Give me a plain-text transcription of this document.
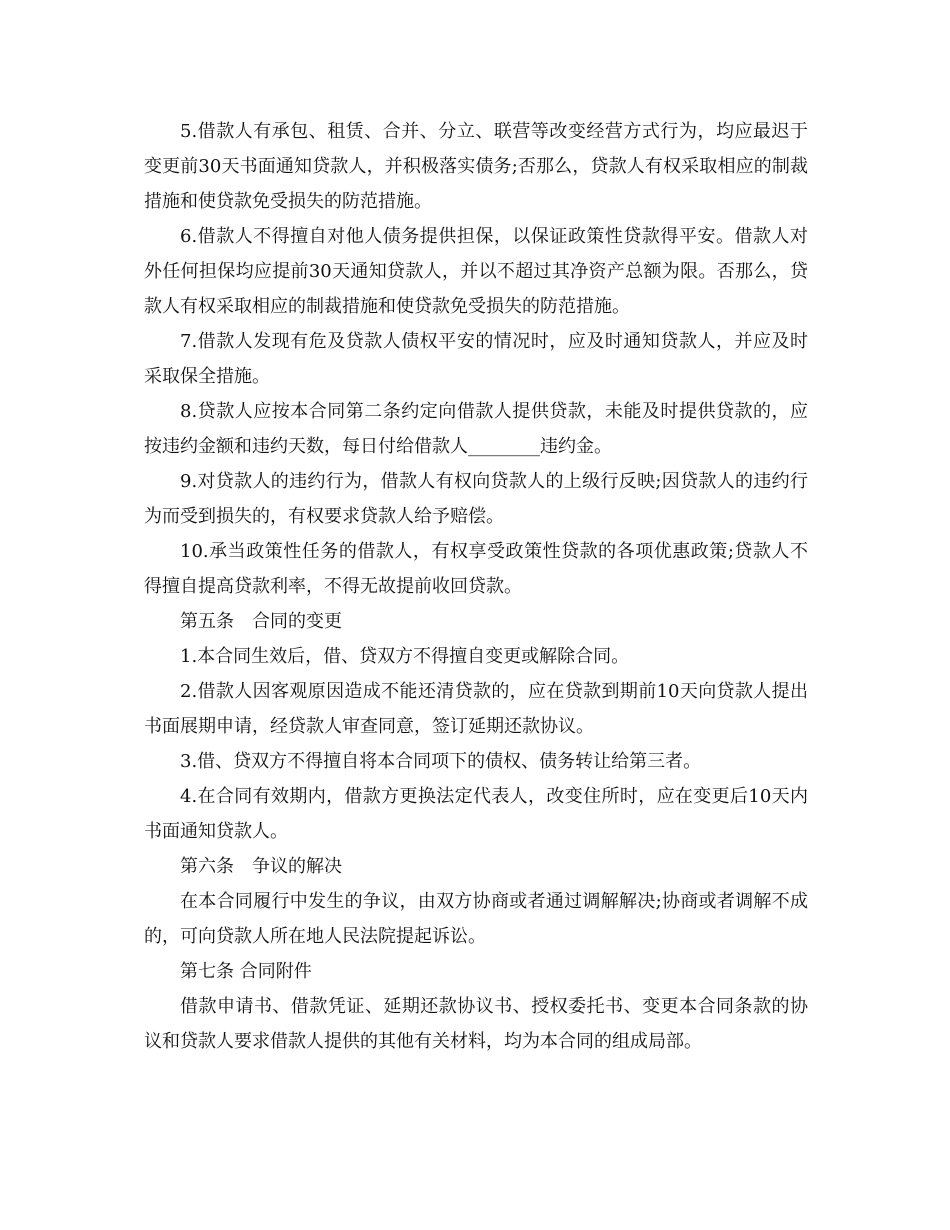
5.借款人有承包、租赁、合并、分立、联营等改变经营方式行为，均应最迟于变更前30天书面通知贷款人，并积极落实债务;否那么，贷款人有权采取相应的制裁措施和使贷款免受损失的防范措施。

6.借款人不得擅自对他人债务提供担保，以保证政策性贷款得平安。借款人对外任何担保均应提前30天通知贷款人，并以不超过其净资产总额为限。否那么，贷款人有权采取相应的制裁措施和使贷款免受损失的防范措施。

7.借款人发现有危及贷款人债权平安的情况时，应及时通知贷款人，并应及时采取保全措施。

8.贷款人应按本合同第二条约定向借款人提供贷款，未能及时提供贷款的，应按违约金额和违约天数，每日付给借款人________违约金。

9.对贷款人的违约行为，借款人有权向贷款人的上级行反映;因贷款人的违约行为而受到损失的，有权要求贷款人给予赔偿。

10.承当政策性任务的借款人，有权享受政策性贷款的各项优惠政策;贷款人不得擅自提高贷款利率，不得无故提前收回贷款。

第五条　合同的变更

1.本合同生效后，借、贷双方不得擅自变更或解除合同。

2.借款人因客观原因造成不能还清贷款的，应在贷款到期前10天向贷款人提出书面展期申请，经贷款人审查同意，签订延期还款协议。

3.借、贷双方不得擅自将本合同项下的债权、债务转让给第三者。

4.在合同有效期内，借款方更换法定代表人，改变住所时，应在变更后10天内书面通知贷款人。

第六条　争议的解决

在本合同履行中发生的争议，由双方协商或者通过调解解决;协商或者调解不成的，可向贷款人所在地人民法院提起诉讼。

第七条 合同附件

借款申请书、借款凭证、延期还款协议书、授权委托书、变更本合同条款的协议和贷款人要求借款人提供的其他有关材料，均为本合同的组成局部。
